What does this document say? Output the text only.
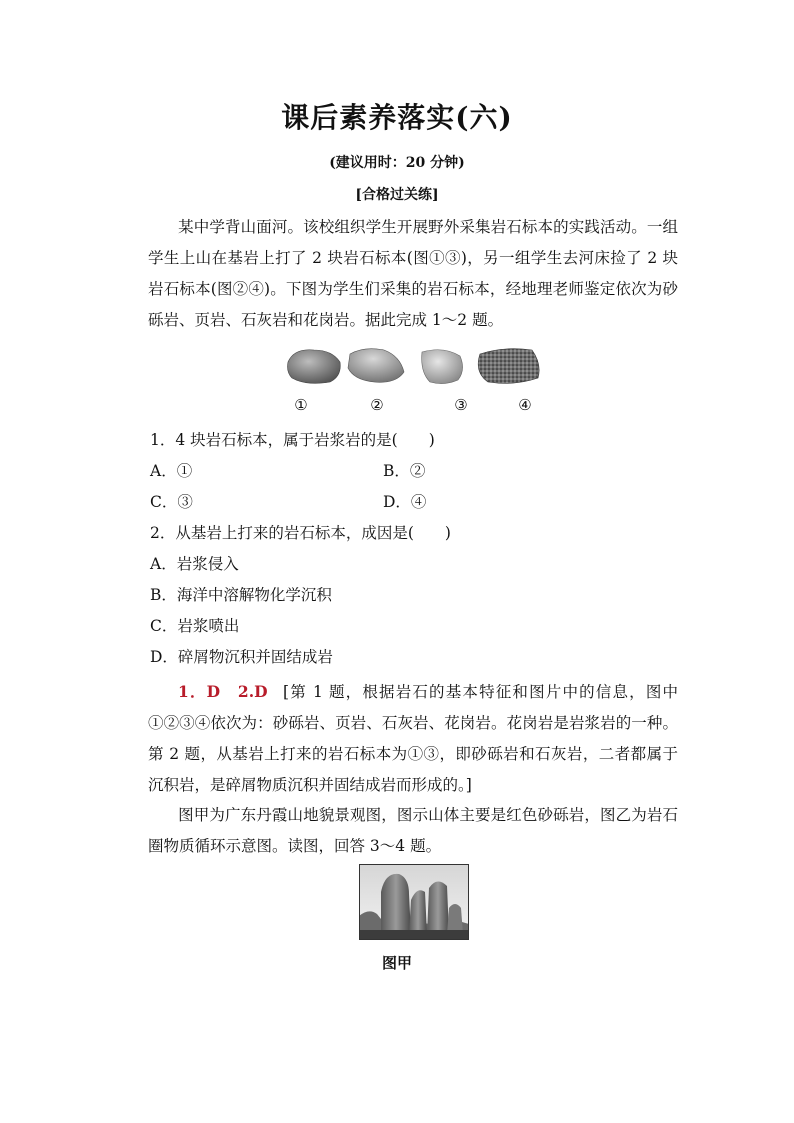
课后素养落实(六)
(建议用时：20 分钟)
[合格过关练]
某中学背山面河。该校组织学生开展野外采集岩石标本的实践活动。一组学生上山在基岩上打了 2 块岩石标本(图①③)，另一组学生去河床捡了 2 块岩石标本(图②④)。下图为学生们采集的岩石标本，经地理老师鉴定依次为砂砾岩、页岩、石灰岩和花岗岩。据此完成 1～2 题。
①	②	③	④
1．4 块岩石标本，属于岩浆岩的是(　　)
A．①	B．②
C．③	D．④
2．从基岩上打来的岩石标本，成因是(　　)
A．岩浆侵入
B．海洋中溶解物化学沉积
C．岩浆喷出
D．碎屑物沉积并固结成岩
1．D　2.D  [第 1 题，根据岩石的基本特征和图片中的信息，图中①②③④依次为：砂砾岩、页岩、石灰岩、花岗岩。花岗岩是岩浆岩的一种。第 2 题，从基岩上打来的岩石标本为①③，即砂砾岩和石灰岩，二者都属于沉积岩，是碎屑物质沉积并固结成岩而形成的。]
图甲为广东丹霞山地貌景观图，图示山体主要是红色砂砾岩，图乙为岩石圈物质循环示意图。读图，回答 3～4 题。
图甲
